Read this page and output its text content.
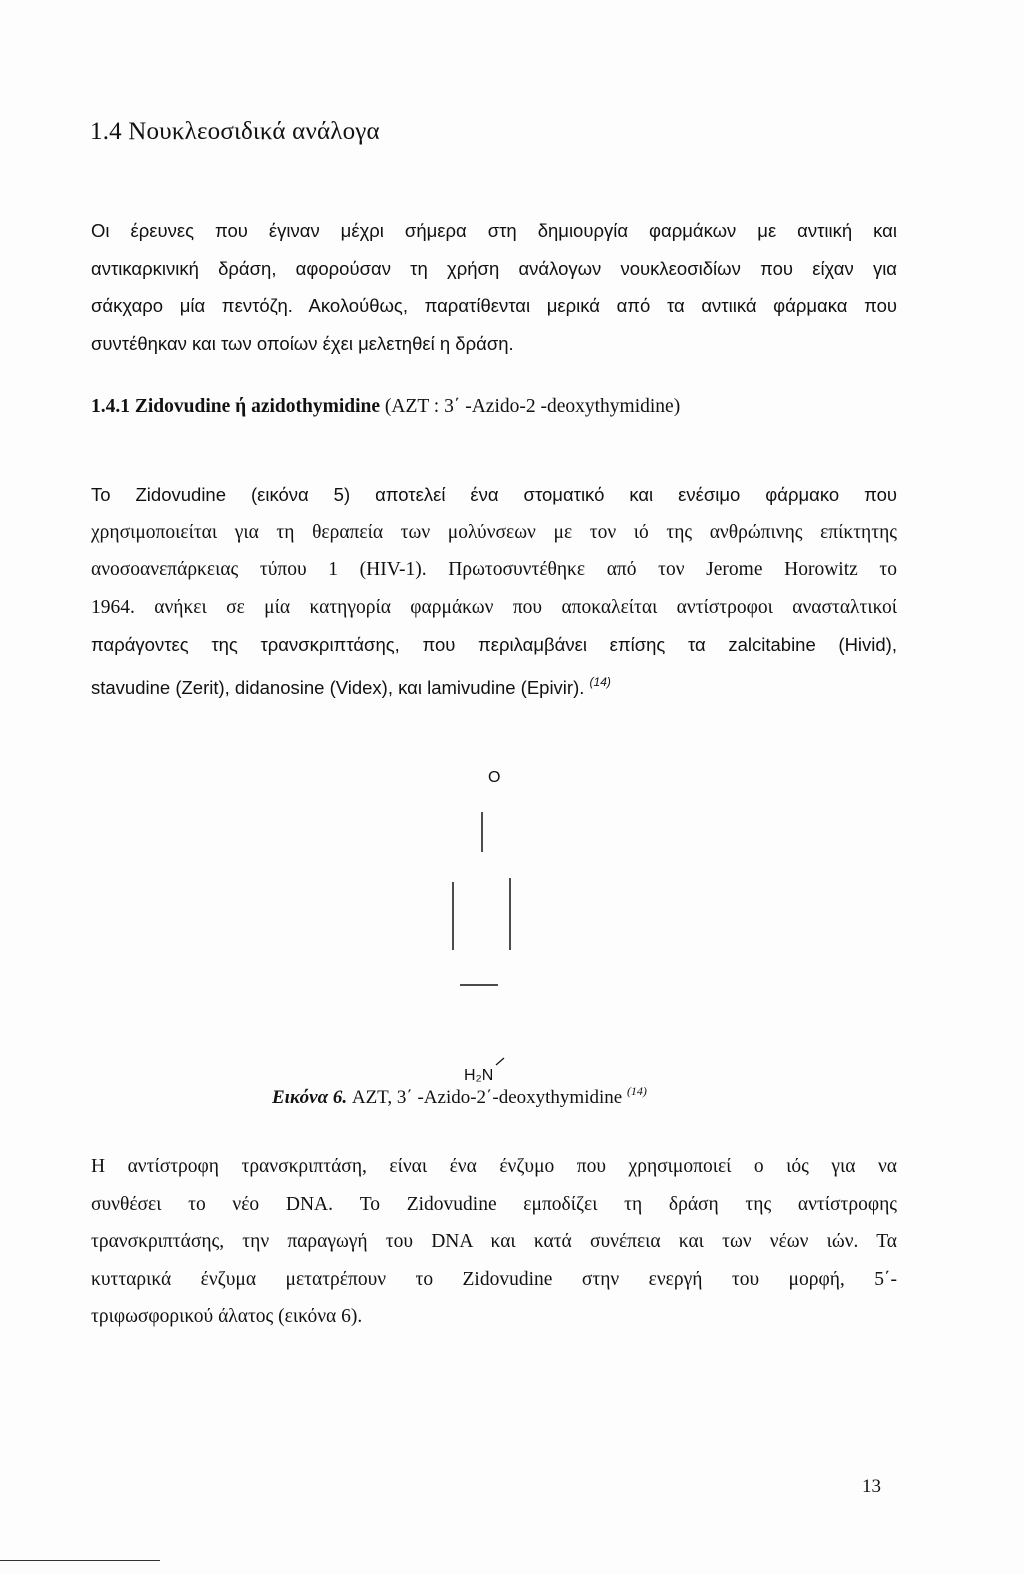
1.4 Νουκλεοσιδικά ανάλογα
Οι έρευνες που έγιναν μέχρι σήμερα στη δημιουργία φαρμάκων με αντιική και
αντικαρκινική δράση, αφορούσαν τη χρήση ανάλογων νουκλεοσιδίων που είχαν για
σάκχαρο μία πεντόζη. Ακολούθως, παρατίθενται μερικά από τα αντιικά φάρμακα που
συντέθηκαν και των οποίων έχει μελετηθεί η δράση.
1.4.1 Zidovudine ή azidothymidine (AZT : 3΄ -Azido-2 -deoxythymidine)
Το Zidovudine (εικόνα 5) αποτελεί ένα στοματικό και ενέσιμο φάρμακο που
χρησιμοποιείται για τη θεραπεία των μολύνσεων με τον ιό της ανθρώπινης επίκτητης
ανοσοανεπάρκειας τύπου 1 (HIV-1). Πρωτοσυντέθηκε από τον Jerome Horowitz το
1964. ανήκει σε μία κατηγορία φαρμάκων που αποκαλείται αντίστροφοι ανασταλτικοί
παράγοντες της τρανσκριπτάσης, που περιλαμβάνει επίσης τα zalcitabine (Hivid),
stavudine (Zerit), didanosine (Videx), και lamivudine (Epivir). $^{(14)}$
O
H₂N
Εικόνα 6. AZT, 3΄ -Azido-2΄-deoxythymidine $^{(14)}$
Η αντίστροφη τρανσκριπτάση, είναι ένα ένζυμο που χρησιμοποιεί ο ιός για να
συνθέσει το νέο DNA. Το Zidovudine εμποδίζει τη δράση της αντίστροφης
τρανσκριπτάσης, την παραγωγή του DNA και κατά συνέπεια και των νέων ιών. Τα
κυτταρικά ένζυμα μετατρέπουν το Zidovudine στην ενεργή του μορφή, 5΄-
τριφωσφορικού άλατος (εικόνα 6).
13
